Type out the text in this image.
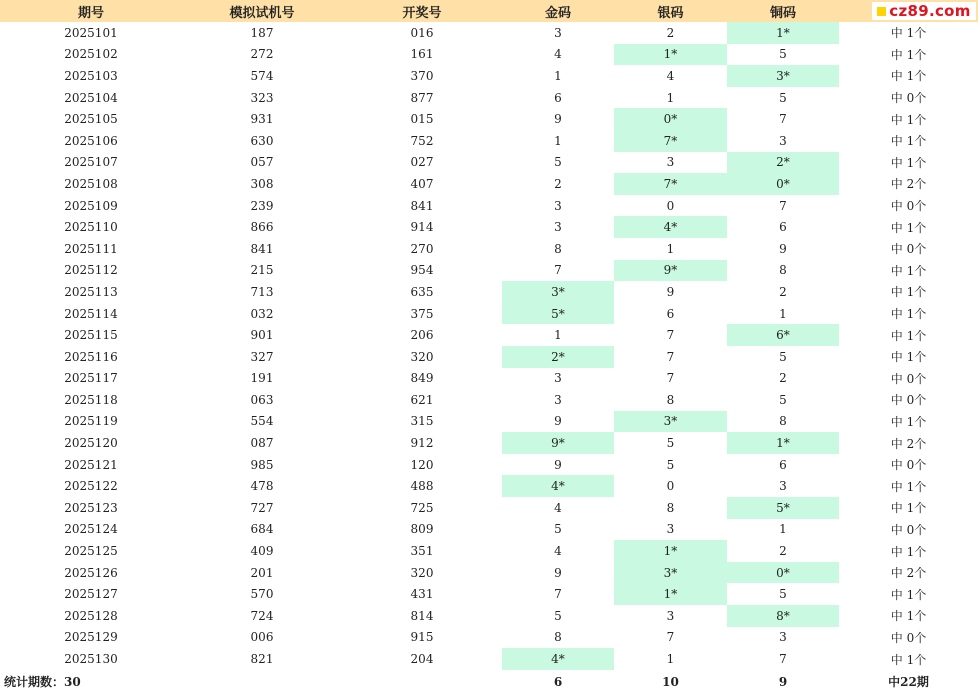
期号	模拟试机号	开奖号	金码	银码	铜码	
2025101	187	016	3	2	1*	中 1个
2025102	272	161	4	1*	5	中 1个
2025103	574	370	1	4	3*	中 1个
2025104	323	877	6	1	5	中 0个
2025105	931	015	9	0*	7	中 1个
2025106	630	752	1	7*	3	中 1个
2025107	057	027	5	3	2*	中 1个
2025108	308	407	2	7*	0*	中 2个
2025109	239	841	3	0	7	中 0个
2025110	866	914	3	4*	6	中 1个
2025111	841	270	8	1	9	中 0个
2025112	215	954	7	9*	8	中 1个
2025113	713	635	3*	9	2	中 1个
2025114	032	375	5*	6	1	中 1个
2025115	901	206	1	7	6*	中 1个
2025116	327	320	2*	7	5	中 1个
2025117	191	849	3	7	2	中 0个
2025118	063	621	3	8	5	中 0个
2025119	554	315	9	3*	8	中 1个
2025120	087	912	9*	5	1*	中 2个
2025121	985	120	9	5	6	中 0个
2025122	478	488	4*	0	3	中 1个
2025123	727	725	4	8	5*	中 1个
2025124	684	809	5	3	1	中 0个
2025125	409	351	4	1*	2	中 1个
2025126	201	320	9	3*	0*	中 2个
2025127	570	431	7	1*	5	中 1个
2025128	724	814	5	3	8*	中 1个
2025129	006	915	8	7	3	中 0个
2025130	821	204	4*	1	7	中 1个
统计期数：30			6	10	9	中22期
cz89.com
